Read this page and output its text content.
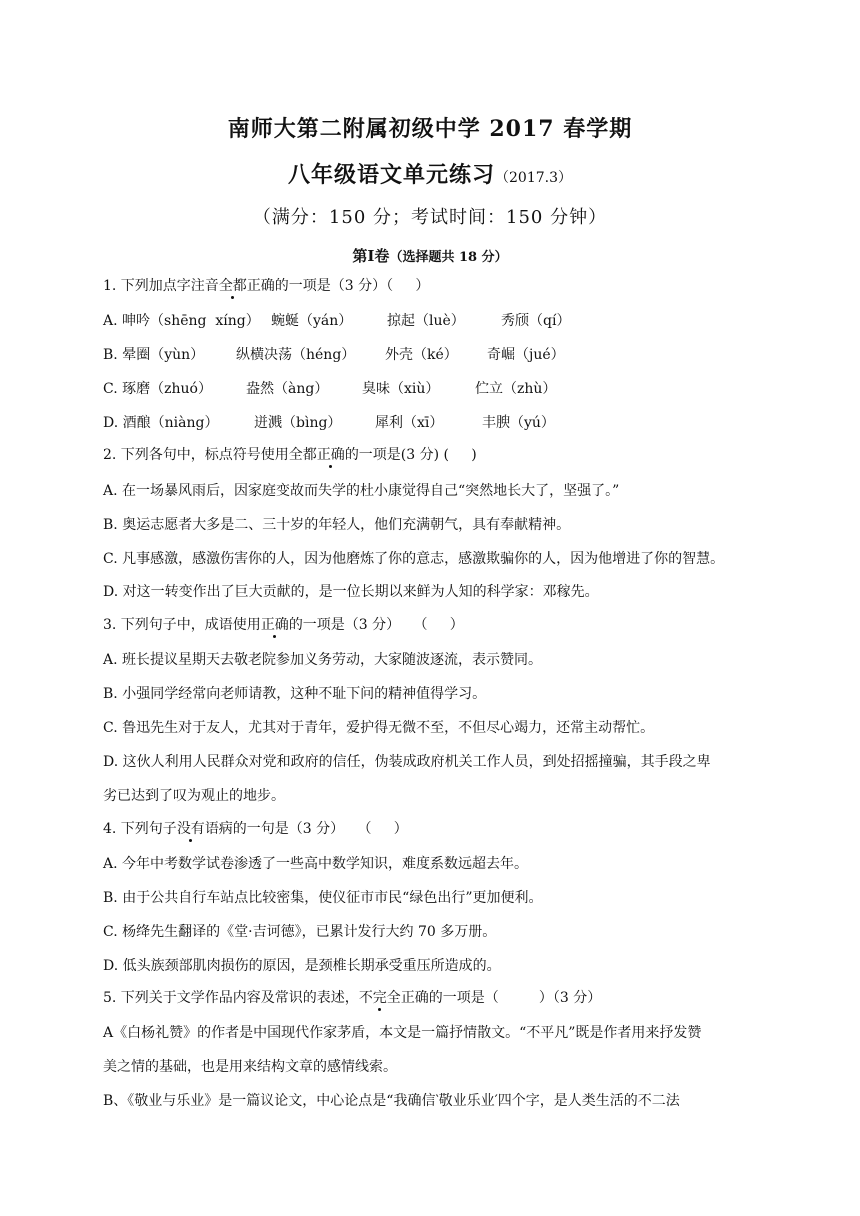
南师大第二附属初级中学 2017 春学期
八年级语文单元练习（2017.3）
（满分：150 分；考试时间：150 分钟）
第Ⅰ卷（选择题共 18 分）
1. 下列加点字注音全都正确的一项是（3 分）（     ）
A. 呻吟（shēng  xíng） 蜿蜒（yán） 掠起（luè）	秀颀（qí）
B. 晕圈（yùn） 纵横决荡（héng） 外壳（ké） 奇崛（jué）
C. 琢磨（zhuó） 盎然（àng） 臭味（xiù）	伫立（zhù）
D. 酒酿（niàng）	迸溅（bìng） 犀利（xī）	丰腴（yú）
2. 下列各句中，标点符号使用全都正确的一项是(3 分) (     )
A. 在一场暴风雨后，因家庭变故而失学的杜小康觉得自己“突然地长大了，坚强了。”
B. 奥运志愿者大多是二、三十岁的年轻人，他们充满朝气，具有奉献精神。
C. 凡事感激，感激伤害你的人，因为他磨炼了你的意志，感激欺骗你的人，因为他增进了你的智慧。
D. 对这一转变作出了巨大贡献的，是一位长期以来鲜为人知的科学家：邓稼先。
3. 下列句子中，成语使用正确的一项是（3 分）   （     ）
A. 班长提议星期天去敬老院参加义务劳动，大家随波逐流，表示赞同。
B. 小强同学经常向老师请教，这种不耻下问的精神值得学习。
C. 鲁迅先生对于友人，尤其对于青年，爱护得无微不至，不但尽心竭力，还常主动帮忙。
D. 这伙人利用人民群众对党和政府的信任，伪装成政府机关工作人员，到处招摇撞骗，其手段之卑
劣已达到了叹为观止的地步。
4. 下列句子没有语病的一句是（3 分）   （     ）
A. 今年中考数学试卷渗透了一些高中数学知识，难度系数远超去年。
B. 由于公共自行车站点比较密集，使仪征市市民“绿色出行”更加便利。
C. 杨绛先生翻译的《堂·吉诃德》，已累计发行大约 70 多万册。
D. 低头族颈部肌肉损伤的原因，是颈椎长期承受重压所造成的。
5. 下列关于文学作品内容及常识的表述，不完全正确的一项是（         ）（3 分）
A《白杨礼赞》的作者是中国现代作家茅盾，本文是一篇抒情散文。“不平凡”既是作者用来抒发赞
美之情的基础，也是用来结构文章的感情线索。
B、《敬业与乐业》是一篇议论文，中心论点是“我确信‵敬业乐业′四个字，是人类生活的不二法
